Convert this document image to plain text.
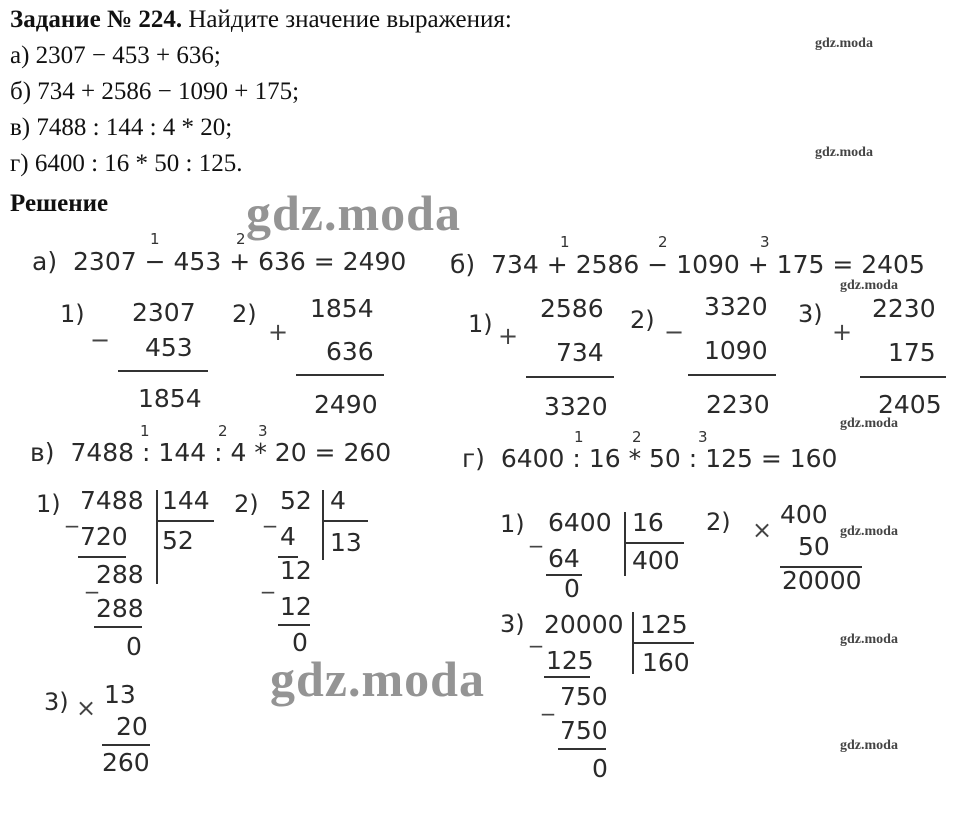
Задание № 224. Найдите значение выражения:
а) 2307 − 453 + 636;
б) 734 + 2586 − 1090 + 175;
в) 7488 : 144 : 4 * 20;
г) 6400 : 16 * 50 : 125.
Решение
gdz.moda
gdz.moda
gdz.moda
gdz.moda
gdz.moda
gdz.moda
gdz.moda
а) 2307 − 453 + 636 = 2490
1	2
1)
−
2307
453
1854
2)
+
1854
636
2490
б) 734 + 2586 − 1090 + 175 = 2405
1	2	3
1) +
2586
734
3320
2) −
3320
1090
2230
3)
+
2230
175
2405
в) 7488 : 144 : 4 * 20 = 260
1	2 3
1) _ 7488 144
52
720
_
288
288
0
2) _ 52 4
13
4
_ 12
12
0
3) × 13
20
260
г) 6400 : 16 * 50 : 125 = 160
1	2	3
1) _ 6400 16
400
64
0
2) ×
400
50
20000
3) _ 20000 125
160
125
_ 750
750
0
gdz.moda
gdz.moda
